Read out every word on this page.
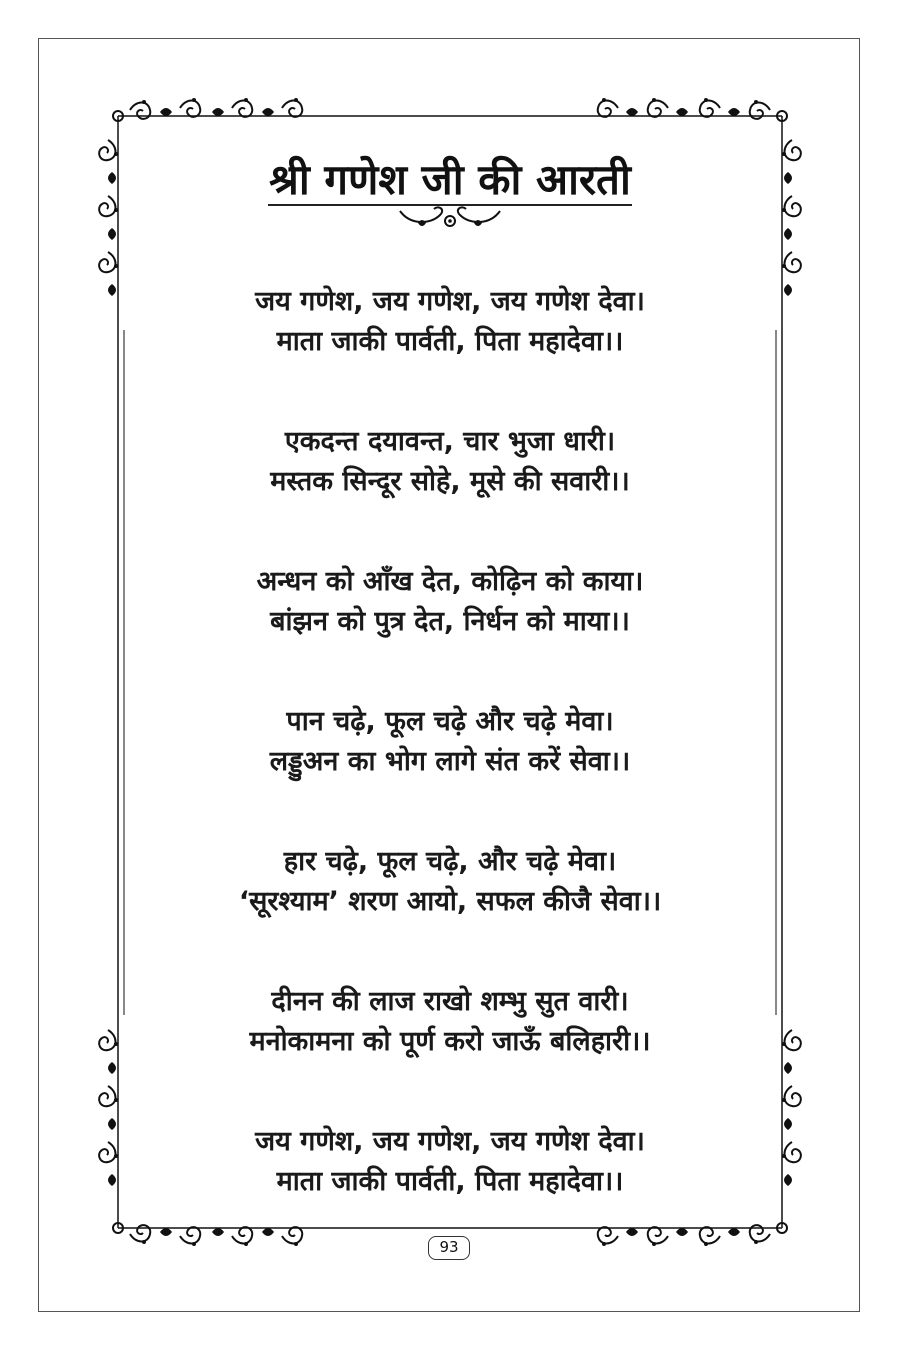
श्री गणेश जी की आरती
जय गणेश, जय गणेश, जय गणेश देवा।
माता जाकी पार्वती, पिता महादेवा।।
एकदन्त दयावन्त, चार भुजा धारी।
मस्तक सिन्दूर सोहे, मूसे की सवारी।।
अन्धन को आँख देत, कोढ़िन को काया।
बांझन को पुत्र देत, निर्धन को माया।।
पान चढ़े, फूल चढ़े और चढ़े मेवा।
लड्डुअन का भोग लागे संत करें सेवा।।
हार चढ़े, फूल चढ़े, और चढ़े मेवा।
‘सूरश्याम’ शरण आयो, सफल कीजै सेवा।।
दीनन की लाज राखो शम्भु सुत वारी।
मनोकामना को पूर्ण करो जाऊँ बलिहारी।।
जय गणेश, जय गणेश, जय गणेश देवा।
माता जाकी पार्वती, पिता महादेवा।।
93
